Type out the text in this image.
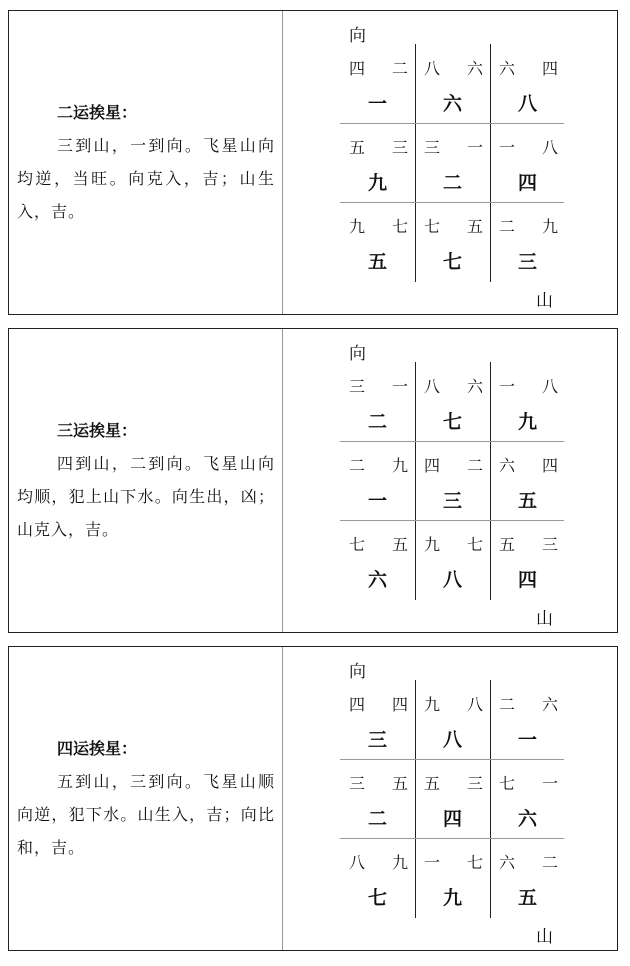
二运挨星：
三到山，一到向。飞星山向均逆，当旺。向克入，吉；山生入，吉。
向
山
四 二
一
八 六
六
六 四
八
五 三
九
三 一
二
一 八
四
九 七
五
七 五
七
二 九
三
三运挨星：
四到山，二到向。飞星山向均顺，犯上山下水。向生出，凶；山克入，吉。
向
山
三 一
二
八 六
七
一 八
九
二 九
一
四 二
三
六 四
五
七 五
六
九 七
八
五 三
四
四运挨星：
五到山，三到向。飞星山顺向逆，犯下水。山生入，吉；向比和，吉。
向
山
四 四
三
九 八
八
二 六
一
三 五
二
五 三
四
七 一
六
八 九
七
一 七
九
六 二
五
